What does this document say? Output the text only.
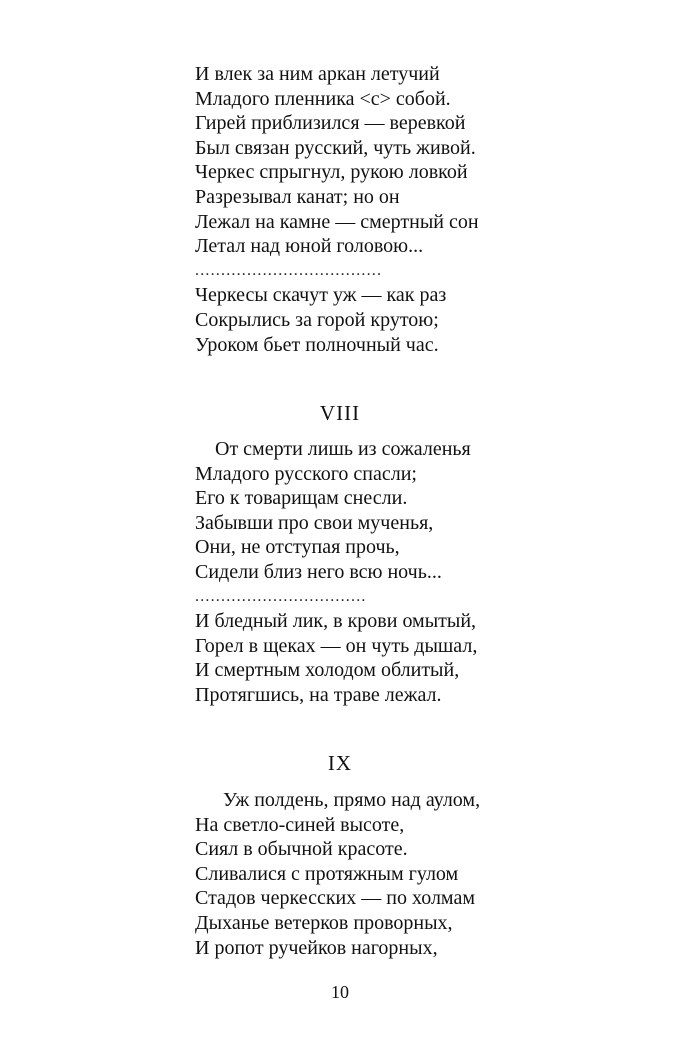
И влек за ним аркан летучий
Младого пленника <с> собой.
Гирей приблизился — веревкой
Был связан русский, чуть живой.
Черкес спрыгнул, рукою ловкой
Разрезывал канат; но он
Лежал на камне — смертный сон
Летал над юной головою...
....................................
Черкесы скачут уж — как раз
Сокрылись за горой крутою;
Уроком бьет полночный час.
VIII
От смерти лишь из сожаленья
Младого русского спасли;
Его к товарищам снесли.
Забывши про свои мученья,
Они, не отступая прочь,
Сидели близ него всю ночь...
.................................
И бледный лик, в крови омытый,
Горел в щеках — он чуть дышал,
И смертным холодом облитый,
Протягшись, на траве лежал.
IX
Уж полдень, прямо над аулом,
На светло-синей высоте,
Сиял в обычной красоте.
Сливалися с протяжным гулом
Стадов черкесских — по холмам
Дыханье ветерков проворных,
И ропот ручейков нагорных,
10
